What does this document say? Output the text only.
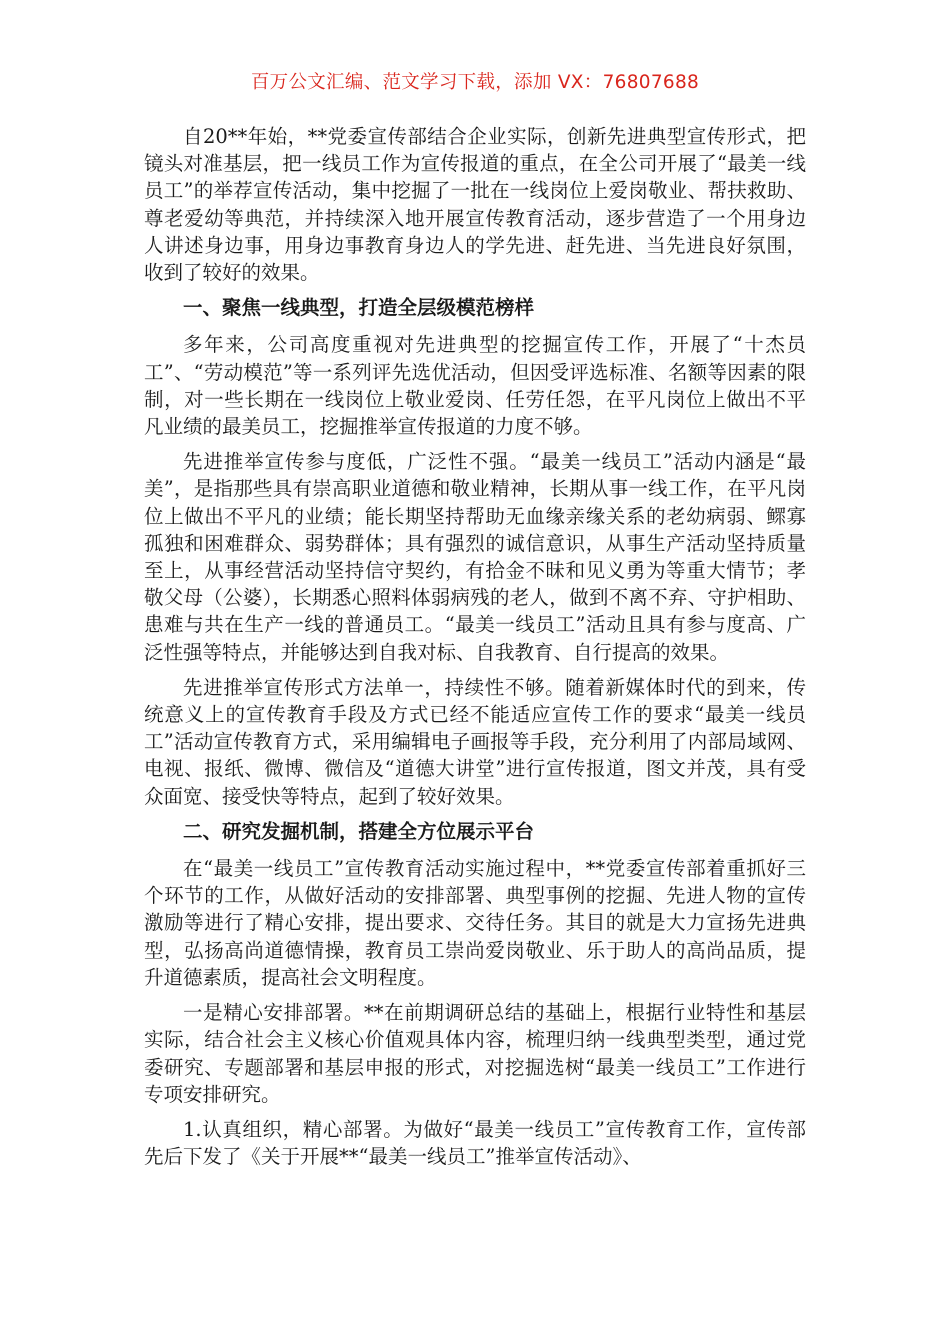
百万公文汇编、范文学习下载，添加 VX：76807688

自20**年始，**党委宣传部结合企业实际，创新先进典型宣传形式，把镜头对准基层，把一线员工作为宣传报道的重点，在全公司开展了“最美一线员工”的举荐宣传活动，集中挖掘了一批在一线岗位上爱岗敬业、帮扶救助、尊老爱幼等典范，并持续深入地开展宣传教育活动，逐步营造了一个用身边人讲述身边事，用身边事教育身边人的学先进、赶先进、当先进良好氛围，收到了较好的效果。

一、聚焦一线典型，打造全层级模范榜样

多年来，公司高度重视对先进典型的挖掘宣传工作，开展了“十杰员工”、“劳动模范”等一系列评先选优活动，但因受评选标准、名额等因素的限制，对一些长期在一线岗位上敬业爱岗、任劳任怨，在平凡岗位上做出不平凡业绩的最美员工，挖掘推举宣传报道的力度不够。

先进推举宣传参与度低，广泛性不强。“最美一线员工”活动内涵是“最美”，是指那些具有崇高职业道德和敬业精神，长期从事一线工作，在平凡岗位上做出不平凡的业绩；能长期坚持帮助无血缘亲缘关系的老幼病弱、鳏寡孤独和困难群众、弱势群体；具有强烈的诚信意识，从事生产活动坚持质量至上，从事经营活动坚持信守契约，有拾金不昧和见义勇为等重大情节；孝敬父母（公婆），长期悉心照料体弱病残的老人，做到不离不弃、守护相助、患难与共在生产一线的普通员工。“最美一线员工”活动且具有参与度高、广泛性强等特点，并能够达到自我对标、自我教育、自行提高的效果。

先进推举宣传形式方法单一，持续性不够。随着新媒体时代的到来，传统意义上的宣传教育手段及方式已经不能适应宣传工作的要求“最美一线员工”活动宣传教育方式，采用编辑电子画报等手段，充分利用了内部局域网、电视、报纸、微博、微信及“道德大讲堂”进行宣传报道，图文并茂，具有受众面宽、接受快等特点，起到了较好效果。

二、研究发掘机制，搭建全方位展示平台

在“最美一线员工”宣传教育活动实施过程中，**党委宣传部着重抓好三个环节的工作，从做好活动的安排部署、典型事例的挖掘、先进人物的宣传激励等进行了精心安排，提出要求、交待任务。其目的就是大力宣扬先进典型，弘扬高尚道德情操，教育员工崇尚爱岗敬业、乐于助人的高尚品质，提升道德素质，提高社会文明程度。

一是精心安排部署。**在前期调研总结的基础上，根据行业特性和基层实际，结合社会主义核心价值观具体内容，梳理归纳一线典型类型，通过党委研究、专题部署和基层申报的形式，对挖掘选树“最美一线员工”工作进行专项安排研究。

1.认真组织，精心部署。为做好“最美一线员工”宣传教育工作，宣传部先后下发了《关于开展**“最美一线员工”推举宣传活动》、
